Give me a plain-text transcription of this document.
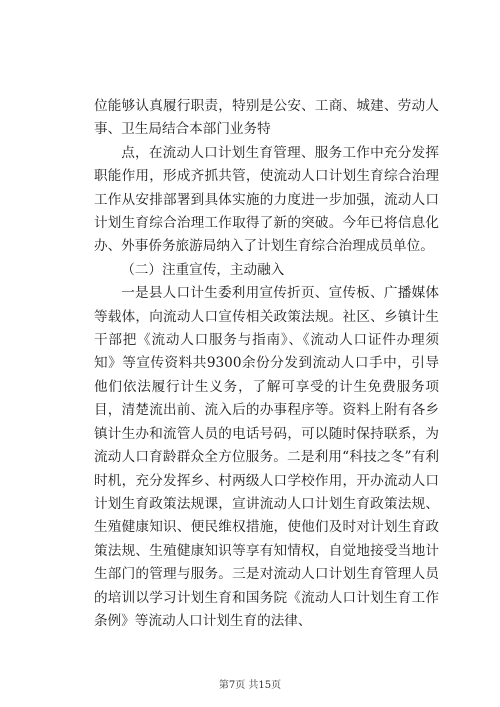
位能够认真履行职责，特别是公安、工商、城建、劳动人事、卫生局结合本部门业务特

点，在流动人口计划生育管理、服务工作中充分发挥职能作用，形成齐抓共管，使流动人口计划生育综合治理工作从安排部署到具体实施的力度进一步加强，流动人口计划生育综合治理工作取得了新的突破。今年已将信息化办、外事侨务旅游局纳入了计划生育综合治理成员单位。

（二）注重宣传，主动融入

一是县人口计生委利用宣传折页、宣传板、广播媒体等载体，向流动人口宣传相关政策法规。社区、乡镇计生干部把《流动人口服务与指南》、《流动人口证件办理须知》等宣传资料共9300余份分发到流动人口手中，引导他们依法履行计生义务，了解可享受的计生免费服务项目，清楚流出前、流入后的办事程序等。资料上附有各乡镇计生办和流管人员的电话号码，可以随时保持联系，为流动人口育龄群众全方位服务。二是利用“科技之冬”有利时机，充分发挥乡、村两级人口学校作用，开办流动人口计划生育政策法规课，宣讲流动人口计划生育政策法规、生殖健康知识、便民维权措施，使他们及时对计划生育政策法规、生殖健康知识等享有知情权，自觉地接受当地计生部门的管理与服务。三是对流动人口计划生育管理人员的培训以学习计划生育和国务院《流动人口计划生育工作条例》等流动人口计划生育的法律、

第7页 共15页
